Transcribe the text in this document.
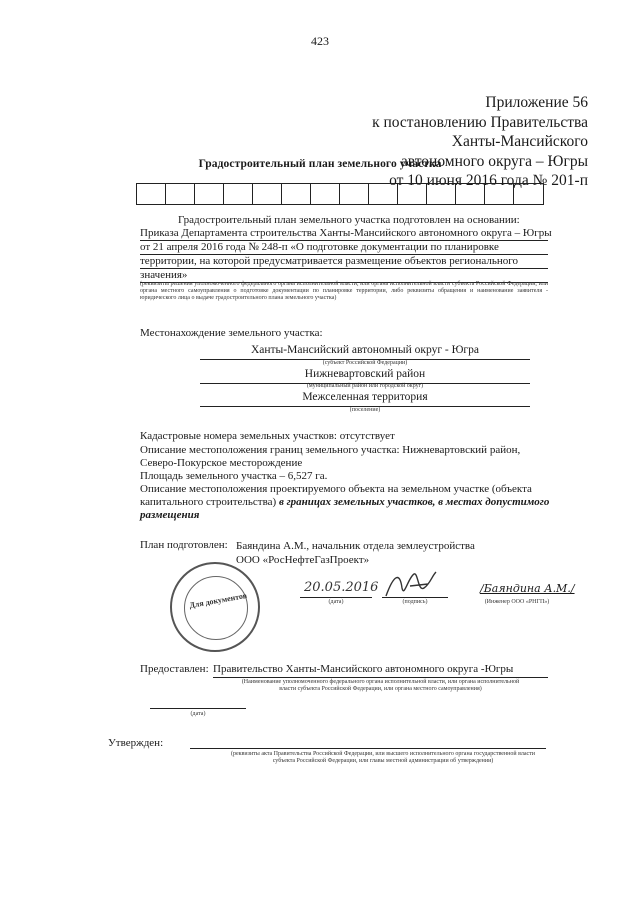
423
Приложение 56
к постановлению Правительства
Ханты-Мансийского
автономного округа – Югры
от 10 июня 2016 года № 201-п
Градостроительный план земельного участка
Градостроительный план земельного участка подготовлен на основании:
Приказа Департамента строительства Ханты-Мансийского автономного округа – Югры
от 21 апреля 2016 года № 248-п «О подготовке документации по планировке
территории, на которой предусматривается размещение объектов регионального
значения»
(реквизиты решения уполномоченного федерального органа исполнительной власти, или органа исполнительной власти субъекта Российской Федерации, или органа местного самоуправления о подготовке документации по планировке территории, либо реквизиты обращения и наименование заявителя - юридического лица о выдаче градостроительного плана земельного участка)
Местонахождение земельного участка:
Ханты-Мансийский автономный округ - Югра
(субъект Российской Федерации)
Нижневартовский район
(муниципальный район или городской округ)
Межселенная территория
(поселение)
Кадастровые номера земельных участков: отсутствует
Описание местоположения границ земельного участка: Нижневартовский район,
Северо-Покурское месторождение
Площадь земельного участка – 6,527 га.
Описание местоположения проектируемого объекта на земельном участке (объекта
капитального строительства) в границах земельных участков, в местах допустимого
размещения
План подготовлен: Баяндина А.М., начальник отдела землеустройства
ООО «РосНефтеГазПроект»
Для документов
20.05.2016
(дата)	(подпись)
/Баяндина А.М./
(Инженер ООО «РНГП»)
Предоставлен: Правительство Ханты-Мансийского автономного округа -Югры
(Наименование уполномоченного федерального органа исполнительной власти, или органа исполнительной
власти субъекта Российской Федерации, или органа местного самоуправления)
(дата)
Утвержден:
(реквизиты акта Правительства Российской Федерации, или высшего исполнительного органа государственной власти
субъекта Российской Федерации, или главы местной администрации об утверждении)
